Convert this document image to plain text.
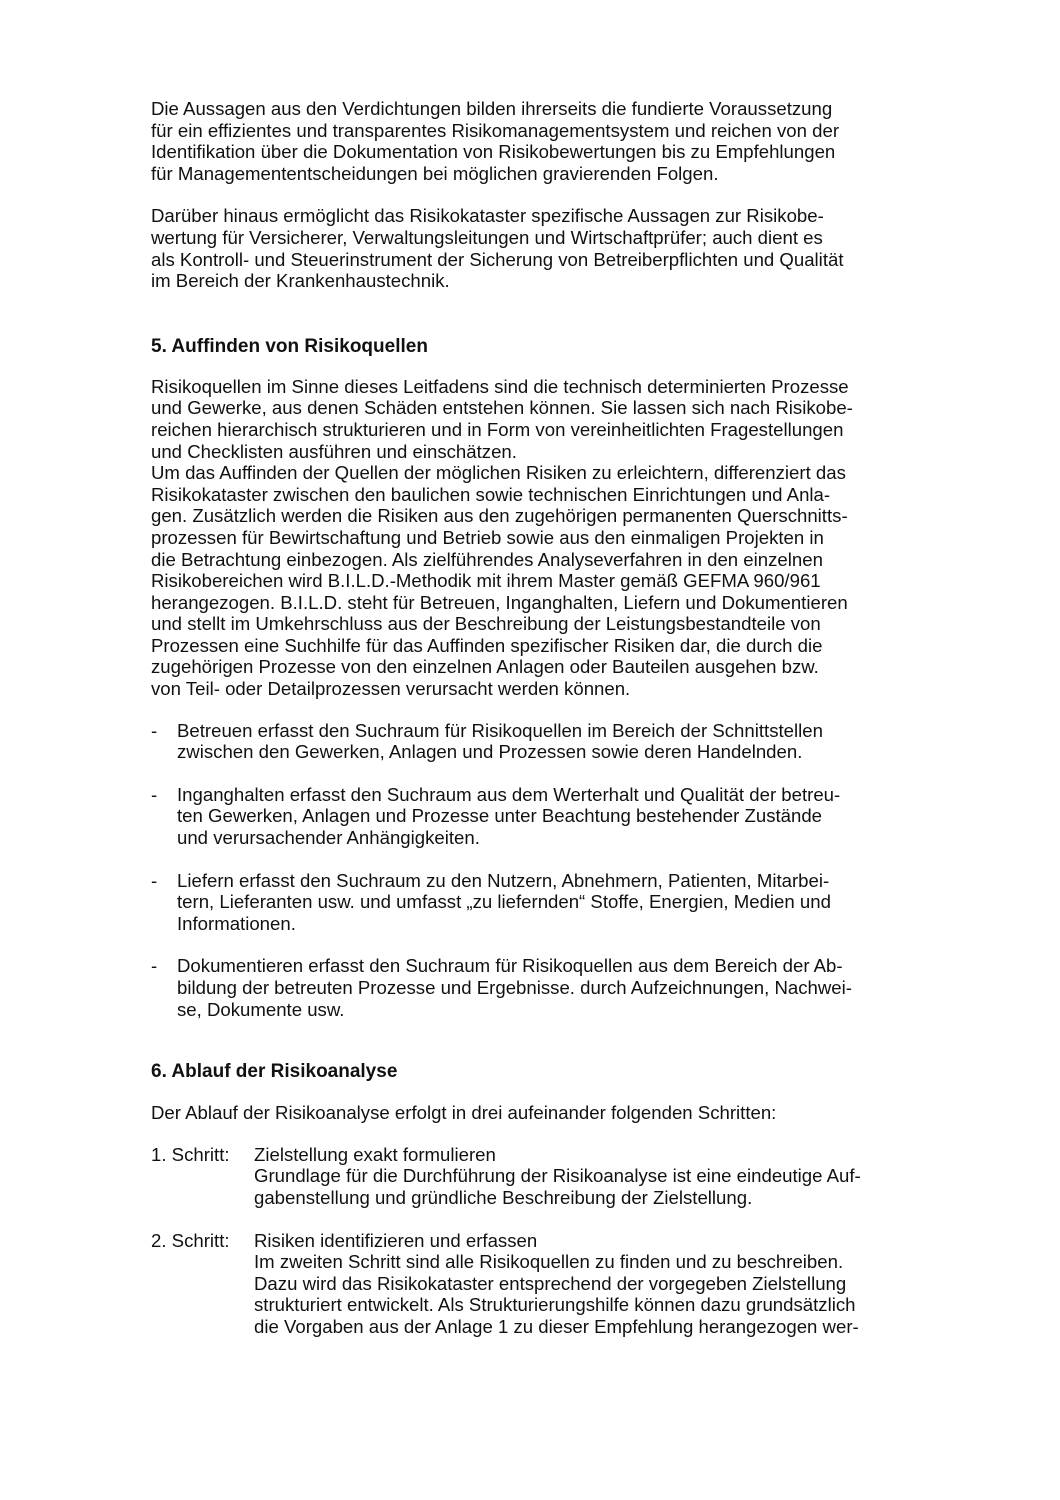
Die Aussagen aus den Verdichtungen bilden ihrerseits die fundierte Voraussetzung
für ein effizientes und transparentes Risikomanagementsystem und reichen von der
Identifikation über die Dokumentation von Risikobewertungen bis zu Empfehlungen
für Managemententscheidungen bei möglichen gravierenden Folgen.

Darüber hinaus ermöglicht das Risikokataster spezifische Aussagen zur Risikobe-
wertung für Versicherer, Verwaltungsleitungen und Wirtschaftprüfer; auch dient es
als Kontroll- und Steuerinstrument der Sicherung von Betreiberpflichten und Qualität
im Bereich der Krankenhaustechnik.

5. Auffinden von Risikoquellen

Risikoquellen im Sinne dieses Leitfadens sind die technisch determinierten Prozesse
und Gewerke, aus denen Schäden entstehen können. Sie lassen sich nach Risikobe-
reichen hierarchisch strukturieren und in Form von vereinheitlichten Fragestellungen
und Checklisten ausführen und einschätzen.
Um das Auffinden der Quellen der möglichen Risiken zu erleichtern, differenziert das
Risikokataster zwischen den baulichen sowie technischen Einrichtungen und Anla-
gen. Zusätzlich werden die Risiken aus den zugehörigen permanenten Querschnitts-
prozessen für Bewirtschaftung und Betrieb sowie aus den einmaligen Projekten in
die Betrachtung einbezogen. Als zielführendes Analyseverfahren in den einzelnen
Risikobereichen wird B.I.L.D.-Methodik mit ihrem Master gemäß GEFMA 960/961
herangezogen. B.I.L.D. steht für Betreuen, Inganghalten, Liefern und Dokumentieren
und stellt im Umkehrschluss aus der Beschreibung der Leistungsbestandteile von
Prozessen eine Suchhilfe für das Auffinden spezifischer Risiken dar, die durch die
zugehörigen Prozesse von den einzelnen Anlagen oder Bauteilen ausgehen bzw.
von Teil- oder Detailprozessen verursacht werden können.

-	Betreuen erfasst den Suchraum für Risikoquellen im Bereich der Schnittstellen
zwischen den Gewerken, Anlagen und Prozessen sowie deren Handelnden.
-	Inganghalten erfasst den Suchraum aus dem Werterhalt und Qualität der betreu-
ten Gewerken, Anlagen und Prozesse unter Beachtung bestehender Zustände
und verursachender Anhängigkeiten.
-	Liefern erfasst den Suchraum zu den Nutzern, Abnehmern, Patienten, Mitarbei-
tern, Lieferanten usw. und umfasst „zu liefernden“ Stoffe, Energien, Medien und
Informationen.
-	Dokumentieren erfasst den Suchraum für Risikoquellen aus dem Bereich der Ab-
bildung der betreuten Prozesse und Ergebnisse. durch Aufzeichnungen, Nachwei-
se, Dokumente usw.
6. Ablauf der Risikoanalyse

Der Ablauf der Risikoanalyse erfolgt in drei aufeinander folgenden Schritten:

1. Schritt:	Zielstellung exakt formulieren
Grundlage für die Durchführung der Risikoanalyse ist eine eindeutige Auf-
gabenstellung und gründliche Beschreibung der Zielstellung.
2. Schritt:	Risiken identifizieren und erfassen
Im zweiten Schritt sind alle Risikoquellen zu finden und zu beschreiben.
Dazu wird das Risikokataster entsprechend der vorgegeben Zielstellung
strukturiert entwickelt. Als Strukturierungshilfe können dazu grundsätzlich
die Vorgaben aus der Anlage 1 zu dieser Empfehlung herangezogen wer-
